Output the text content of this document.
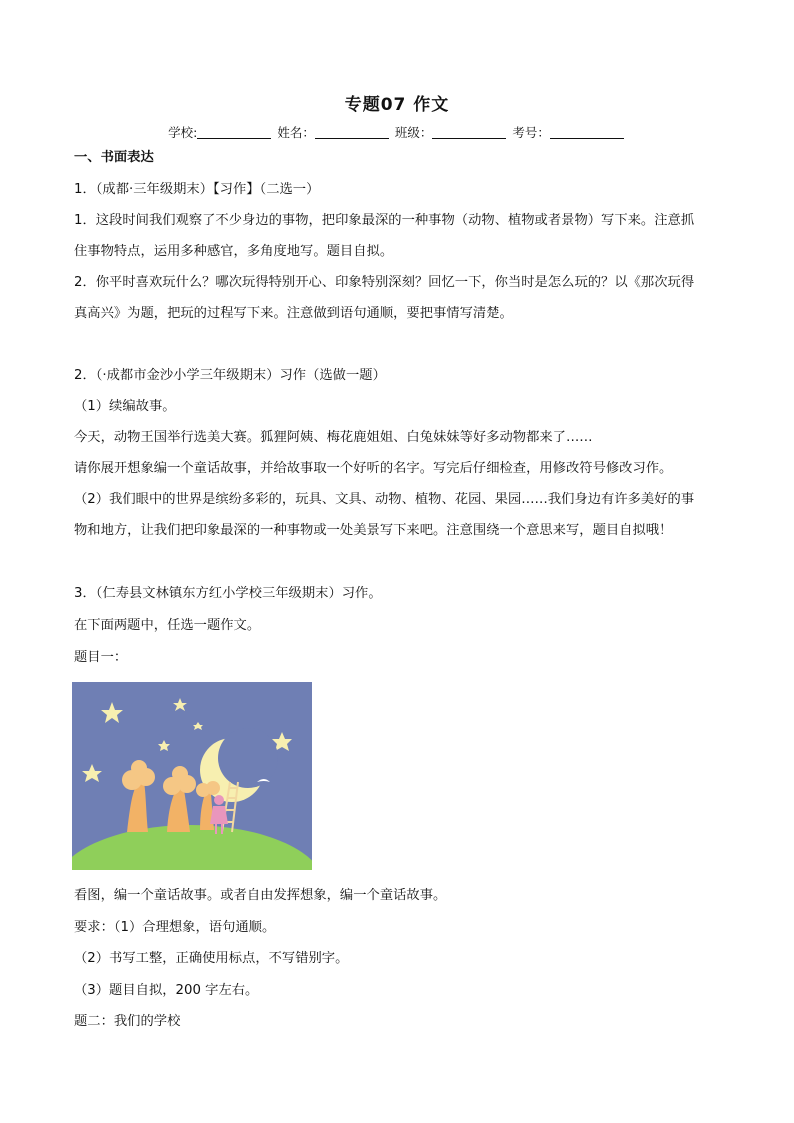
专题07 作文
学校:	姓名：	班级：	考号：
一、书面表达
1．（成都·三年级期末）【习作】（二选一）
1．这段时间我们观察了不少身边的事物，把印象最深的一种事物（动物、植物或者景物）写下来。注意抓
住事物特点，运用多种感官，多角度地写。题目自拟。
2．你平时喜欢玩什么？哪次玩得特别开心、印象特别深刻？回忆一下，你当时是怎么玩的？以《那次玩得
真高兴》为题，把玩的过程写下来。注意做到语句通顺，要把事情写清楚。
2．（·成都市金沙小学三年级期末）习作（选做一题）
（1）续编故事。
今天，动物王国举行选美大赛。狐狸阿姨、梅花鹿姐姐、白兔妹妹等好多动物都来了……
请你展开想象编一个童话故事，并给故事取一个好听的名字。写完后仔细检查，用修改符号修改习作。
（2）我们眼中的世界是缤纷多彩的，玩具、文具、动物、植物、花园、果园……我们身边有许多美好的事
物和地方，让我们把印象最深的一种事物或一处美景写下来吧。注意围绕一个意思来写，题目自拟哦！
3．（仁寿县文林镇东方红小学校三年级期末）习作。
在下面两题中，任选一题作文。
题目一：
看图，编一个童话故事。或者自由发挥想象，编一个童话故事。
要求：（1）合理想象，语句通顺。
（2）书写工整，正确使用标点，不写错别字。
（3）题目自拟，200 字左右。
题二：我们的学校
